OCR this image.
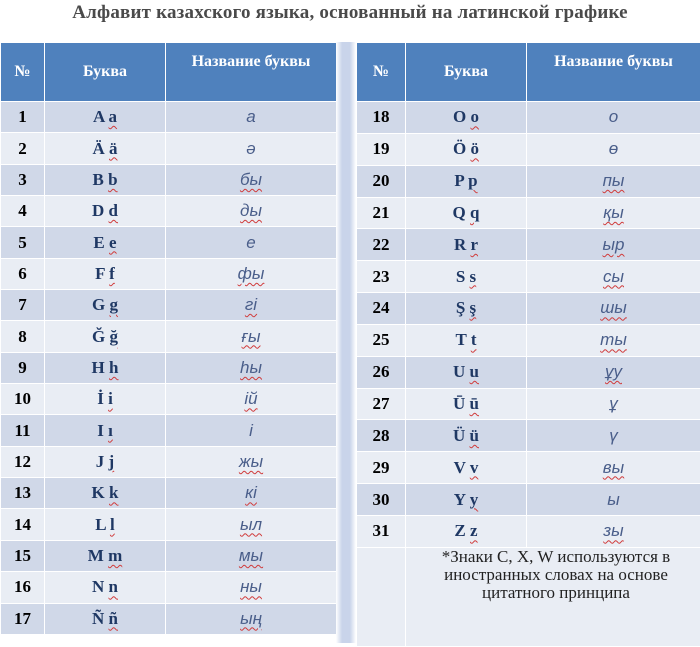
Алфавит казахского языка, основанный на латинской графике
№	Буква	Название буквы
1	A a	а
2	Ä ä	ə
3	B b	бы
4	D d	ды
5	E e	е
6	F f	фы
7	G g	гі
8	Ğ ğ	ғы
9	H h	һы
10	İ i	ій
11	I ı	і
12	J j	жы
13	K k	кі
14	L l	ыл
15	M m	мы
16	N n	ны
17	Ñ ñ	ың
№	Буква	Название буквы
18	O o	о
19	Ö ö	ө
20	P p	пы
21	Q q	қы
22	R r	ыр
23	S s	сы
24	Ş ş	шы
25	T t	ты
26	U u	ұу
27	Ū ū	ұ
28	Ü ü	ү
29	V v	вы
30	Y y	ы
31	Z z	зы
	*Знаки C, X, W используются в иностранных словах на основе цитатного принципа	
